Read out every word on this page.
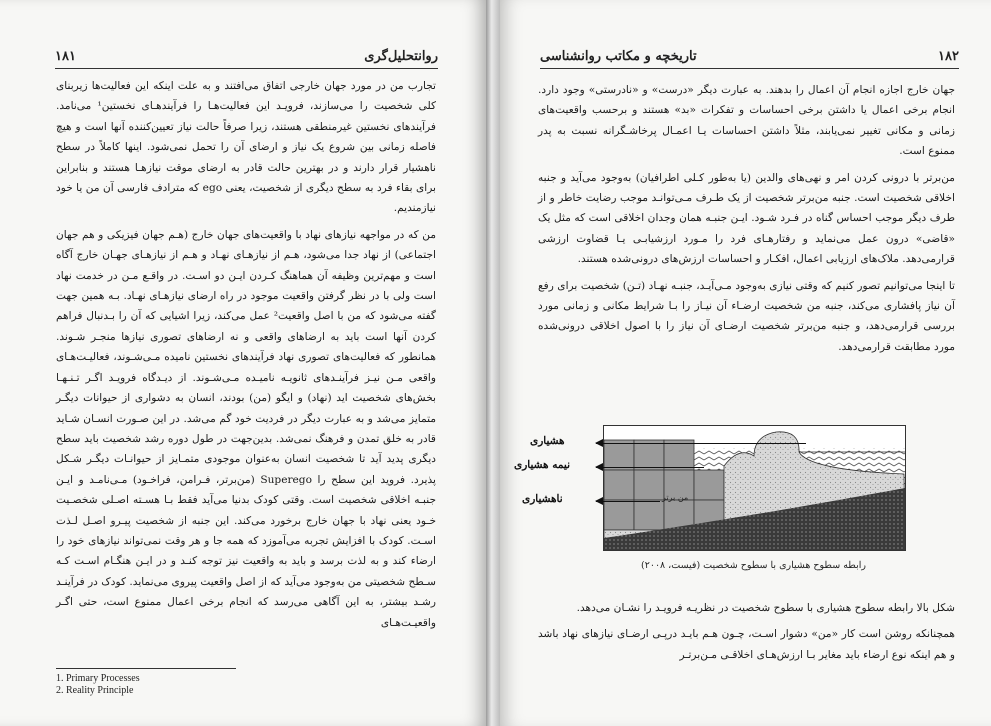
روانتحلیل‌گری
۱۸۱

تجارب من در مورد جهان خارجی اتفاق می‌افتند و به علت اینکه این فعالیت‌ها زیربنای کلی شخصیت را می‌سازند، فرویـد این فعالیت‌هـا را فرآیندهـای نخستین¹ می‌نامد. فرآیندهای نخستین غیرمنطقی هستند، زیرا صرفاً حالت نیاز تعیین‌کننده آنها است و هیچ فاصله زمانی بین شروع یک نیاز و ارضای آن را تحمل نمی‌شود. اینها کاملاً در سطح ناهشیار قرار دارند و در بهترین حالت قادر به ارضای موقت نیازهـا هستند و بنابراین برای بقاء فرد به سطح دیگری از شخصیت، یعنی ego که مترادف فارسی آن من یا خود نیازمندیم.

من که در مواجهه نیازهای نهاد با واقعیت‌های جهان خارج (هـم جهان فیزیکی و هم جهان اجتماعی) از نهاد جدا می‌شود، هـم از نیازهـای نهـاد و هـم از نیازهـای جهـان خارج آگاه است و مهم‌ترین وظیفه آن هماهنگ کـردن ایـن دو اسـت. در واقـع مـن در خدمت نهاد است ولی با در نظر گرفتن واقعیت موجود در راه ارضای نیازهـای نهـاد. بـه همین جهت گفته می‌شود که من با اصل واقعیت² عمل می‌کند، زیرا اشیایی که آن را بـدنبال فراهم کردن آنها است باید به ارضاهای واقعی و نه ارضاهای تصوری نیازها منجـر شـوند. همانطور که فعالیت‌های تصوری نهاد فرآیندهای نخستین نامیده مـی‌شـوند، فعالیـت‌هـای واقعی مـن نیـز فرآینـدهای ثانویـه نامیـده مـی‌شـوند. از دیـدگاه فرویـد اگـر تـنـهـا بخش‌های شخصیت اید (نهاد) و ایگو (من) بودند، انسان به دشواری از حیوانات دیگـر متمایز می‌شد و به عبارت دیگر در فردیت خود گم می‌شد. در این صـورت انسـان شـاید قادر به خلق تمدن و فرهنگ نمی‌شد. بدین‌جهت در طول دوره رشد شخصیت باید سطح دیگری پدید آید تا شخصیت انسان به‌عنوان موجودی متمـایز از حیوانـات دیگـر شـکل پذیرد. فروید این سطح را Superego (من‌برتر، فـرامن، فراخـود) مـی‌نامـد و ایـن جنبـه اخلاقی شخصیت است. وقتی کودک بدنیا می‌آید فقط بـا هسـته اصـلی شخصـیت خـود یعنی نهاد با جهان خارج برخورد می‌کند. این جنبه از شخصیت پیـرو اصـل لـذت اسـت. کودک با افزایش تجربه می‌آموزد که همه جا و هر وقت نمی‌تواند نیازهای خود را ارضاء کند و به لذت برسد و باید به واقعیت نیز توجه کنـد و در ایـن هنگـام اسـت کـه سـطح شخصیتی من به‌وجود می‌آید که از اصل واقعیت پیروی می‌نماید. کودک در فرآینـد رشـد بیشتر، به این آگاهی می‌رسد که انجام برخی اعمال ممنوع است، حتی اگـر واقعیـت‌هـای

1. Primary Processes
2. Reality Principle
۱۸۲
تاریخچه و مکاتب روانشناسی

جهان خارج اجازه انجام آن اعمال را بدهند. به عبارت دیگر «درست» و «نادرستی» وجود دارد. انجام برخی اعمال یا داشتن برخی احساسات و تفکرات «بد» هستند و برحسب واقعیت‌های زمانی و مکانی تغییر نمی‌یابند، مثلاً داشتن احساسات یـا اعمـال پرخاشـگرانه نسبت به پدر ممنوع است.

من‌برتر با درونی کردن امر و نهی‌های والدین (یا به‌طور کـلی اطرافیان) به‌وجود می‌آید و جنبه اخلاقی شخصیت است. جنبه من‌برتر شخصیت از یک طـرف مـی‌توانـد موجب رضایت خاطر و از طرف دیگر موجب احساس گناه در فـرد شـود. ایـن جنبـه همان وجدان اخلاقی است که مثل یک «قاضی» درون عمل می‌نماید و رفتارهـای فرد را مـورد ارزشیابـی یـا قضاوت ارزشی قرارمی‌دهد. ملاک‌های ارزیابی اعمال، افکـار و احساسات ارزش‌های درونی‌شده هستند.

تا اینجا می‌توانیم تصور کنیم که وقتی نیازی به‌وجود مـی‌آیـد، جنبـه نهـاد (تـن) شخصیت برای رفع آن نیاز پافشاری می‌کند، جنبه من شخصیت ارضـاء آن نیـاز را بـا شرایط مکانی و زمانی مورد بررسی قرارمی‌دهد، و جنبه من‌برتر شخصیت ارضـای آن نیاز را با اصول اخلاقی درونی‌شده مورد مطابقت قرارمی‌دهد.

من برتر
هشیاری
نیمه هشیاری
ناهشیاری
رابطه سطوح هشیاری با سطوح شخصیت (فیست، ۲۰۰۸)

شکل بالا رابطه سطوح هشیاری با سطوح شخصیت در نظریـه فرویـد را نشـان می‌دهد.

همچنانکه روشن است کار «من» دشوار اسـت، چـون هـم بایـد درپـی ارضـای نیازهای نهاد باشد و هم اینکه نوع ارضاء باید مغایر بـا ارزش‌هـای اخلاقـی مـن‌برتـر
